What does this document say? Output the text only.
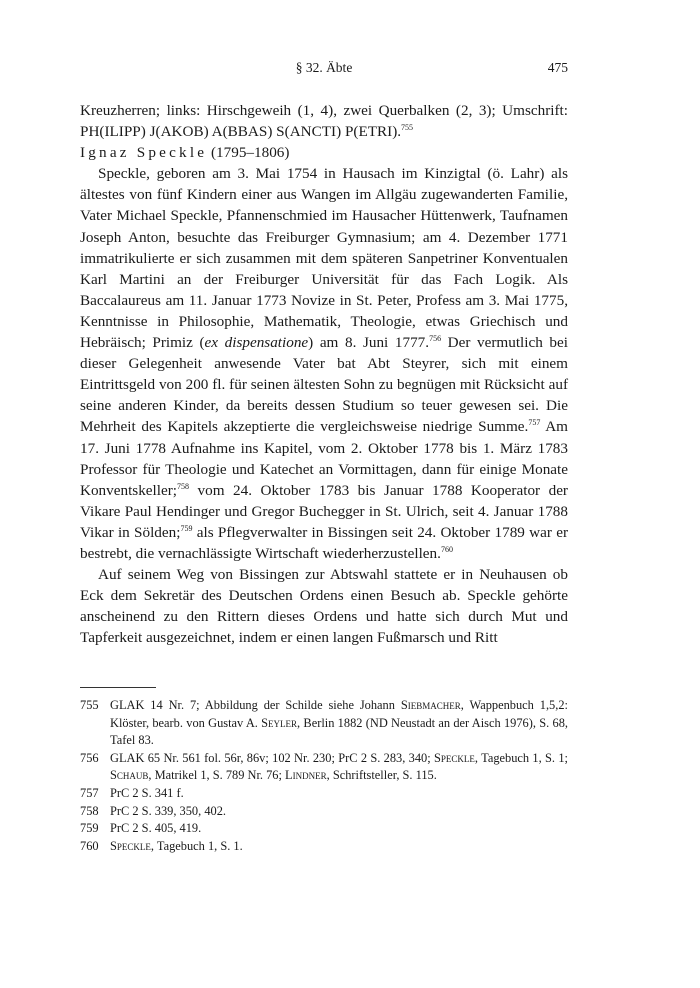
§ 32. Äbte	475

Kreuzherren; links: Hirschgeweih (1, 4), zwei Querbalken (2, 3); Umschrift: PH(ILIPP) J(AKOB) A(BBAS) S(ANCTI) P(ETRI).$^{755}$

Ignaz Speckle (1795–1806)

Speckle, geboren am 3. Mai 1754 in Hausach im Kinzigtal (ö. Lahr) als ältestes von fünf Kindern einer aus Wangen im Allgäu zugewanderten Familie, Vater Michael Speckle, Pfannenschmied im Hausacher Hüttenwerk, Taufnamen Joseph Anton, besuchte das Freiburger Gymnasium; am 4. Dezember 1771 immatrikulierte er sich zusammen mit dem späteren Sanpetriner Konventualen Karl Martini an der Freiburger Universität für das Fach Logik. Als Baccalaureus am 11. Januar 1773 Novize in St. Peter, Profess am 3. Mai 1775, Kenntnisse in Philosophie, Mathematik, Theologie, etwas Griechisch und Hebräisch; Primiz (ex dispensatione) am 8. Juni 1777.$^{756}$ Der vermutlich bei dieser Gelegenheit anwesende Vater bat Abt Steyrer, sich mit einem Eintrittsgeld von 200 fl. für seinen ältesten Sohn zu begnügen mit Rücksicht auf seine anderen Kinder, da bereits dessen Studium so teuer gewesen sei. Die Mehrheit des Kapitels akzeptierte die vergleichsweise niedrige Summe.$^{757}$ Am 17. Juni 1778 Aufnahme ins Kapitel, vom 2. Oktober 1778 bis 1. März 1783 Professor für Theologie und Katechet an Vormittagen, dann für einige Monate Konventskeller;$^{758}$ vom 24. Oktober 1783 bis Januar 1788 Kooperator der Vikare Paul Hendinger und Gregor Buchegger in St. Ulrich, seit 4. Januar 1788 Vikar in Sölden;$^{759}$ als Pflegverwalter in Bissingen seit 24. Oktober 1789 war er bestrebt, die vernachlässigte Wirtschaft wiederherzustellen.$^{760}$

Auf seinem Weg von Bissingen zur Abtswahl stattete er in Neuhausen ob Eck dem Sekretär des Deutschen Ordens einen Besuch ab. Speckle gehörte anscheinend zu den Rittern dieses Ordens und hatte sich durch Mut und Tapferkeit ausgezeichnet, indem er einen langen Fußmarsch und Ritt

755 GLAK 14 Nr. 7; Abbildung der Schilde siehe Johann Siebmacher, Wappenbuch 1,5,2: Klöster, bearb. von Gustav A. Seyler, Berlin 1882 (ND Neustadt an der Aisch 1976), S. 68, Tafel 83.
756 GLAK 65 Nr. 561 fol. 56r, 86v; 102 Nr. 230; PrC 2 S. 283, 340; Speckle, Tagebuch 1, S. 1; Schaub, Matrikel 1, S. 789 Nr. 76; Lindner, Schriftsteller, S. 115.
757 PrC 2 S. 341 f.
758 PrC 2 S. 339, 350, 402.
759 PrC 2 S. 405, 419.
760 Speckle, Tagebuch 1, S. 1.
